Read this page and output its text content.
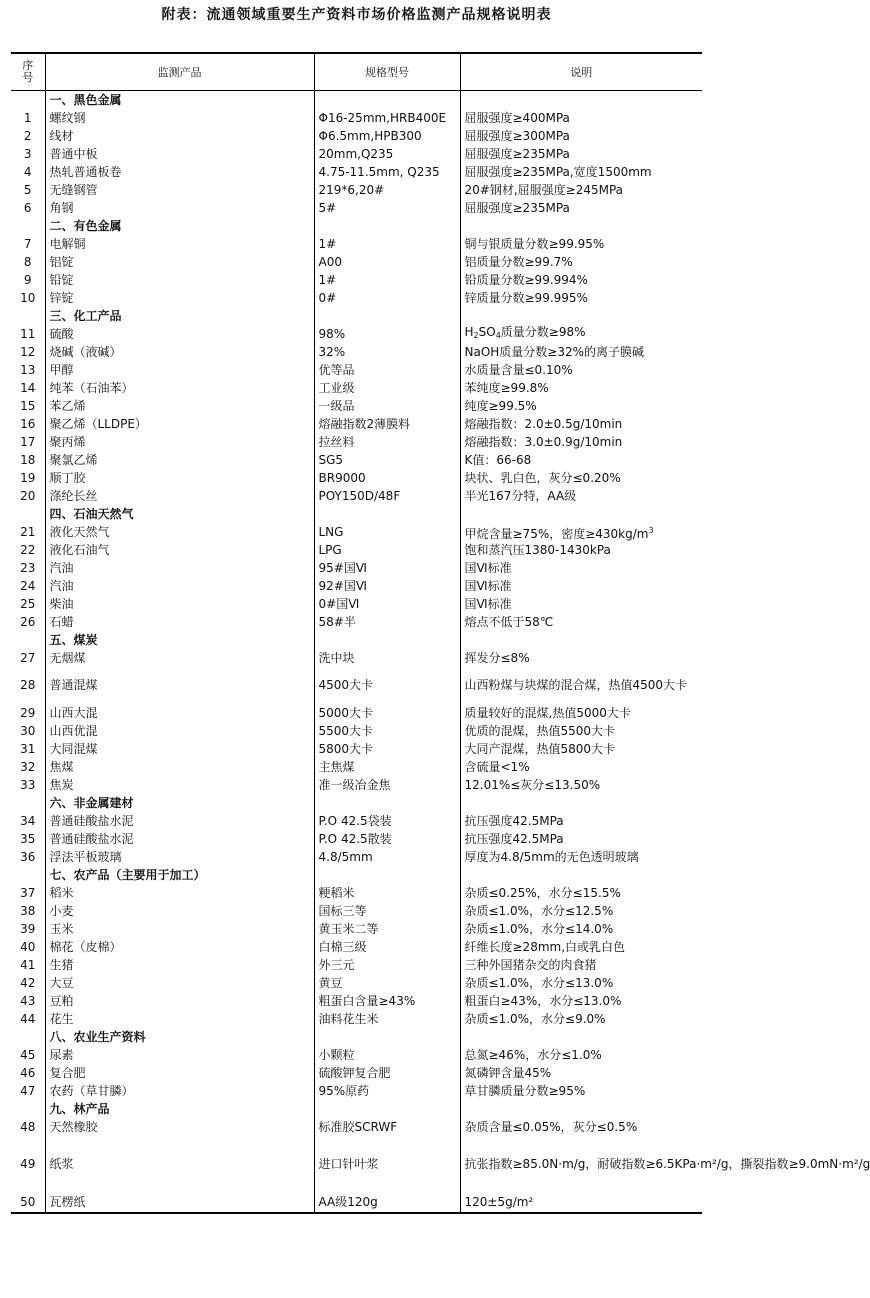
附表：流通领域重要生产资料市场价格监测产品规格说明表
序
号	监测产品	规格型号	说明
	一、黑色金属		
1	螺纹钢	Φ16-25mm,HRB400E	屈服强度≥400MPa
2	线材	Φ6.5mm,HPB300	屈服强度≥300MPa
3	普通中板	20mm,Q235	屈服强度≥235MPa
4	热轧普通板卷	4.75-11.5mm, Q235	屈服强度≥235MPa,宽度1500mm
5	无缝钢管	219*6,20#	20#钢材,屈服强度≥245MPa
6	角钢	5#	屈服强度≥235MPa
	二、有色金属		
7	电解铜	1#	铜与银质量分数≥99.95%
8	铝锭	A00	铝质量分数≥99.7%
9	铅锭	1#	铅质量分数≥99.994%
10	锌锭	0#	锌质量分数≥99.995%
	三、化工产品		
11	硫酸	98%	$H_2SO_4$质量分数≥98%
12	烧碱（液碱）	32%	NaOH质量分数≥32%的离子膜碱
13	甲醇	优等品	水质量含量≤0.10%
14	纯苯（石油苯）	工业级	苯纯度≥99.8%
15	苯乙烯	一级品	纯度≥99.5%
16	聚乙烯（LLDPE）	熔融指数2薄膜料	熔融指数：2.0±0.5g/10min
17	聚丙烯	拉丝料	熔融指数：3.0±0.9g/10min
18	聚氯乙烯	SG5	K值：66-68
19	顺丁胶	BR9000	块状、乳白色，灰分≤0.20%
20	涤纶长丝	POY150D/48F	半光167分特，AA级
	四、石油天然气		
21	液化天然气	LNG	甲烷含量≥75%，密度$\ge 430kg/m^3$
22	液化石油气	LPG	饱和蒸汽压1380-1430kPa
23	汽油	95#国Ⅵ	国Ⅵ标准
24	汽油	92#国Ⅵ	国Ⅵ标准
25	柴油	0#国Ⅵ	国Ⅵ标准
26	石蜡	58#半	熔点不低于58℃
	五、煤炭		
27	无烟煤	洗中块	挥发分≤8%
28	普通混煤	4500大卡	山西粉煤与块煤的混合煤，热值4500大卡
29	山西大混	5000大卡	质量较好的混煤,热值5000大卡
30	山西优混	5500大卡	优质的混煤，热值5500大卡
31	大同混煤	5800大卡	大同产混煤，热值5800大卡
32	焦煤	主焦煤	含硫量<1%
33	焦炭	准一级冶金焦	12.01%≤灰分≤13.50%
	六、非金属建材		
34	普通硅酸盐水泥	P.O 42.5袋装	抗压强度42.5MPa
35	普通硅酸盐水泥	P.O 42.5散装	抗压强度42.5MPa
36	浮法平板玻璃	4.8/5mm	厚度为4.8/5mm的无色透明玻璃
	七、农产品（主要用于加工）		
37	稻米	粳稻米	杂质≤0.25%，水分≤15.5%
38	小麦	国标三等	杂质≤1.0%，水分≤12.5%
39	玉米	黄玉米二等	杂质≤1.0%，水分≤14.0%
40	棉花（皮棉）	白棉三级	纤维长度≥28mm,白或乳白色
41	生猪	外三元	三种外国猪杂交的肉食猪
42	大豆	黄豆	杂质≤1.0%，水分≤13.0%
43	豆粕	粗蛋白含量≥43%	粗蛋白≥43%，水分≤13.0%
44	花生	油料花生米	杂质≤1.0%，水分≤9.0%
	八、农业生产资料		
45	尿素	小颗粒	总氮≥46%，水分≤1.0%
46	复合肥	硫酸钾复合肥	氮磷钾含量45%
47	农药（草甘膦）	95%原药	草甘膦质量分数≥95%
	九、林产品		
48	天然橡胶	标准胶SCRWF	杂质含量≤0.05%，灰分≤0.5%
49	纸浆	进口针叶浆	抗张指数≥85.0N·m/g，耐破指数≥6.5KPa·m²/g，撕裂指数≥9.0mN·m²/g
50	瓦楞纸	AA级120g	120±5g/m²
